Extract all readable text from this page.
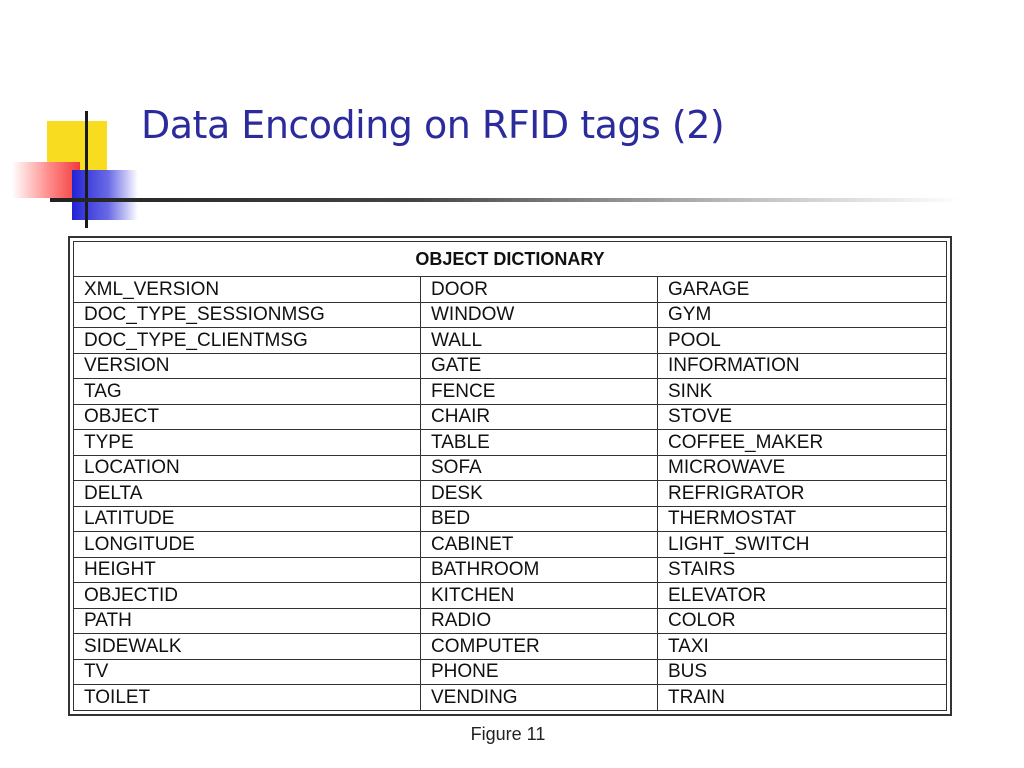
Data Encoding on RFID tags (2)
OBJECT DICTIONARY		
XML_VERSION	DOOR	GARAGE
DOC_TYPE_SESSIONMSG	WINDOW	GYM
DOC_TYPE_CLIENTMSG	WALL	POOL
VERSION	GATE	INFORMATION
TAG	FENCE	SINK
OBJECT	CHAIR	STOVE
TYPE	TABLE	COFFEE_MAKER
LOCATION	SOFA	MICROWAVE
DELTA	DESK	REFRIGRATOR
LATITUDE	BED	THERMOSTAT
LONGITUDE	CABINET	LIGHT_SWITCH
HEIGHT	BATHROOM	STAIRS
OBJECTID	KITCHEN	ELEVATOR
PATH	RADIO	COLOR
SIDEWALK	COMPUTER	TAXI
TV	PHONE	BUS
TOILET	VENDING	TRAIN
Figure 11
